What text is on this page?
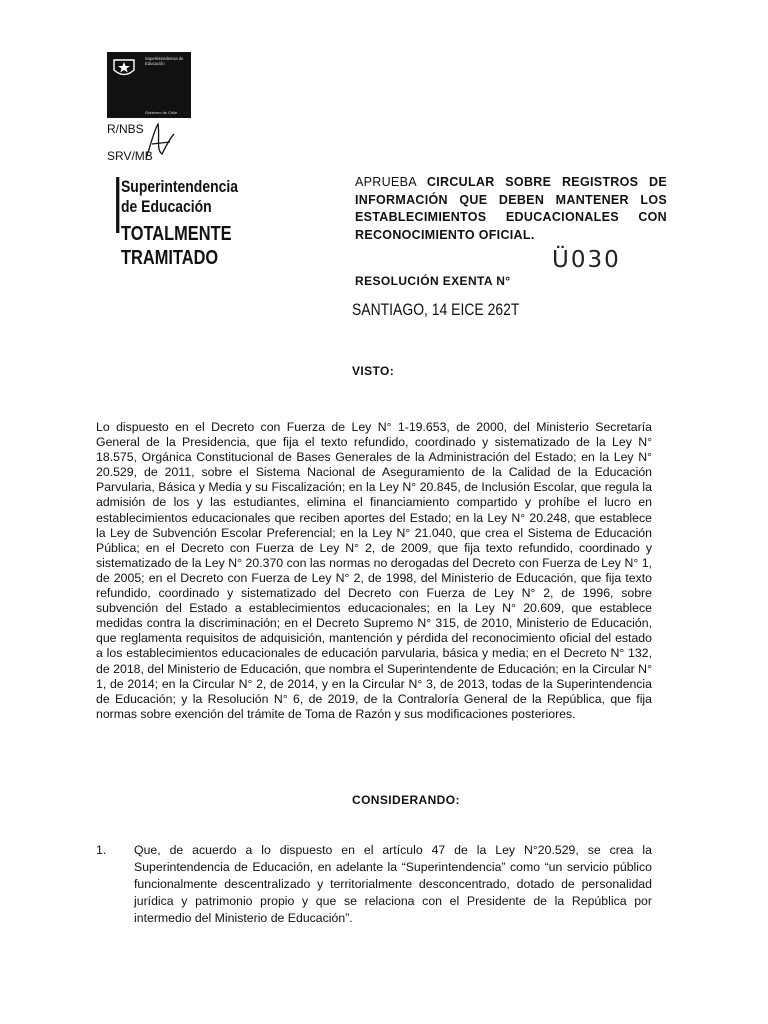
Superintendencia de Educación
Gobierno de Chile
R/NBS
SRV/MB
Superintendencia de Educación
TOTALMENTE TRAMITADO
APRUEBA CIRCULAR SOBRE REGISTROS DE INFORMACIÓN QUE DEBEN MANTENER LOS ESTABLECIMIENTOS EDUCACIONALES CON RECONOCIMIENTO OFICIAL.
Ü030
RESOLUCIÓN EXENTA N°
SANTIAGO, 14 EICE 262T
VISTO:
Lo dispuesto en el Decreto con Fuerza de Ley N° 1-19.653, de 2000, del Ministerio Secretaría General de la Presidencia, que fija el texto refundido, coordinado y sistematizado de la Ley N° 18.575, Orgánica Constitucional de Bases Generales de la Administración del Estado; en la Ley N° 20.529, de 2011, sobre el Sistema Nacional de Aseguramiento de la Calidad de la Educación Parvularia, Básica y Media y su Fiscalización; en la Ley N° 20.845, de Inclusión Escolar, que regula la admisión de los y las estudiantes, elimina el financiamiento compartido y prohíbe el lucro en establecimientos educacionales que reciben aportes del Estado; en la Ley N° 20.248, que establece la Ley de Subvención Escolar Preferencial; en la Ley N° 21.040, que crea el Sistema de Educación Pública; en el Decreto con Fuerza de Ley N° 2, de 2009, que fija texto refundido, coordinado y sistematizado de la Ley N° 20.370 con las normas no derogadas del Decreto con Fuerza de Ley N° 1, de 2005; en el Decreto con Fuerza de Ley N° 2, de 1998, del Ministerio de Educación, que fija texto refundido, coordinado y sistematizado del Decreto con Fuerza de Ley N° 2, de 1996, sobre subvención del Estado a establecimientos educacionales; en la Ley N° 20.609, que establece medidas contra la discriminación; en el Decreto Supremo N° 315, de 2010, Ministerio de Educación, que reglamenta requisitos de adquisición, mantención y pérdida del reconocimiento oficial del estado a los establecimientos educacionales de educación parvularia, básica y media; en el Decreto N° 132, de 2018, del Ministerio de Educación, que nombra el Superintendente de Educación; en la Circular N° 1, de 2014; en la Circular N° 2, de 2014, y en la Circular N° 3, de 2013, todas de la Superintendencia de Educación; y la Resolución N° 6, de 2019, de la Contraloría General de la República, que fija normas sobre exención del trámite de Toma de Razón y sus modificaciones posteriores.
CONSIDERANDO:
1. Que, de acuerdo a lo dispuesto en el artículo 47 de la Ley N°20.529, se crea la Superintendencia de Educación, en adelante la “Superintendencia” como “un servicio público funcionalmente descentralizado y territorialmente desconcentrado, dotado de personalidad jurídica y patrimonio propio y que se relaciona con el Presidente de la República por intermedio del Ministerio de Educación”.
